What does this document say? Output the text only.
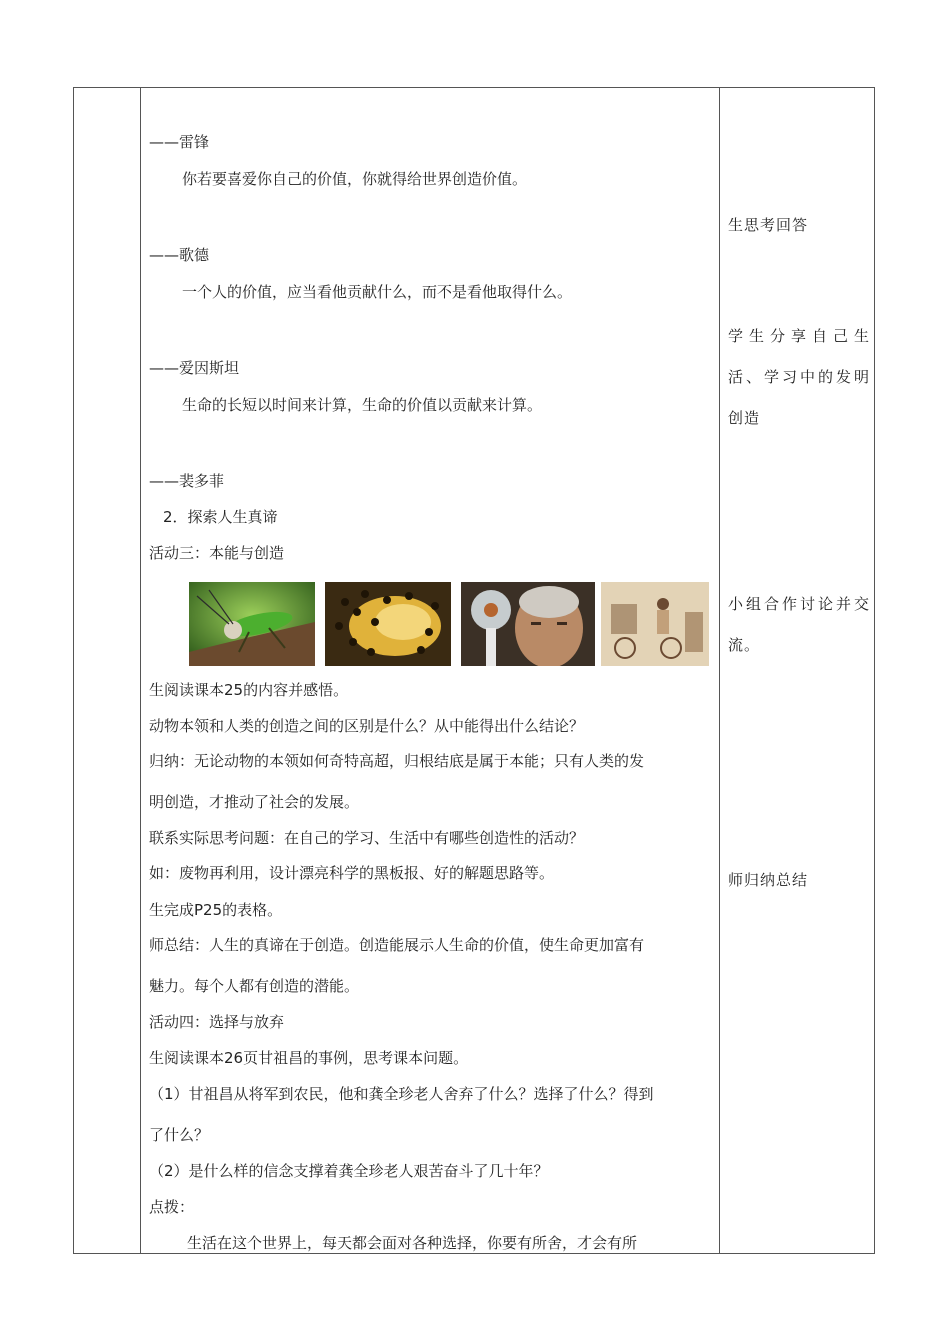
——雷锋
你若要喜爱你自己的价值，你就得给世界创造价值。
——歌德
一个人的价值，应当看他贡献什么，而不是看他取得什么。
——爱因斯坦
生命的长短以时间来计算，生命的价值以贡献来计算。
——裴多菲
2．探索人生真谛
活动三：本能与创造
生阅读课本25的内容并感悟。
动物本领和人类的创造之间的区别是什么？从中能得出什么结论？
归纳：无论动物的本领如何奇特高超，归根结底是属于本能；只有人类的发
明创造，才推动了社会的发展。
联系实际思考问题：在自己的学习、生活中有哪些创造性的活动？
如：废物再利用，设计漂亮科学的黑板报、好的解题思路等。
生完成P25的表格。
师总结：人生的真谛在于创造。创造能展示人生命的价值，使生命更加富有
魅力。每个人都有创造的潜能。
活动四：选择与放弃
生阅读课本26页甘祖昌的事例，思考课本问题。
（1）甘祖昌从将军到农民，他和龚全珍老人舍弃了什么？选择了什么？得到
了什么？
（2）是什么样的信念支撑着龚全珍老人艰苦奋斗了几十年？
点拨：
生活在这个世界上，每天都会面对各种选择，你要有所舍，才会有所
生思考回答
学生分享自己生活、学习中的发明创造
小组合作讨论并交流。
师归纳总结
